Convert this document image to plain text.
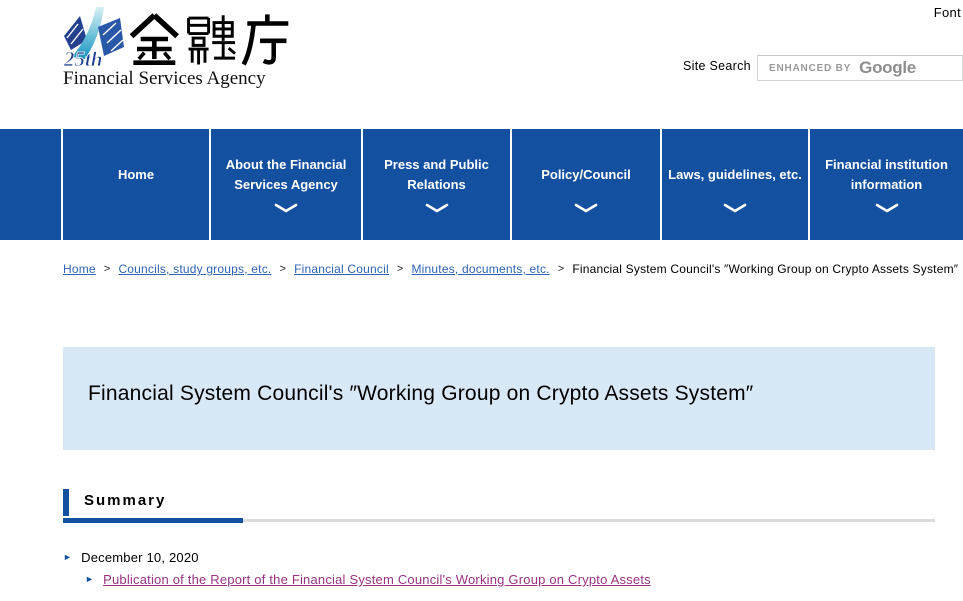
Font
25th
Financial Services Agency
Site Search ENHANCED BY Google
Home
About the Financial Services Agency
Press and Public Relations
Policy/Council	Laws, guidelines, etc.
Financial institution information
Home > Councils, study groups, etc. > Financial Council > Minutes, documents, etc. > Financial System Council's ″Working Group on Crypto Assets System″
Financial System Council's ″Working Group on Crypto Assets System″
Summary
► December 10, 2020
► Publication of the Report of the Financial System Council's Working Group on Crypto Assets
